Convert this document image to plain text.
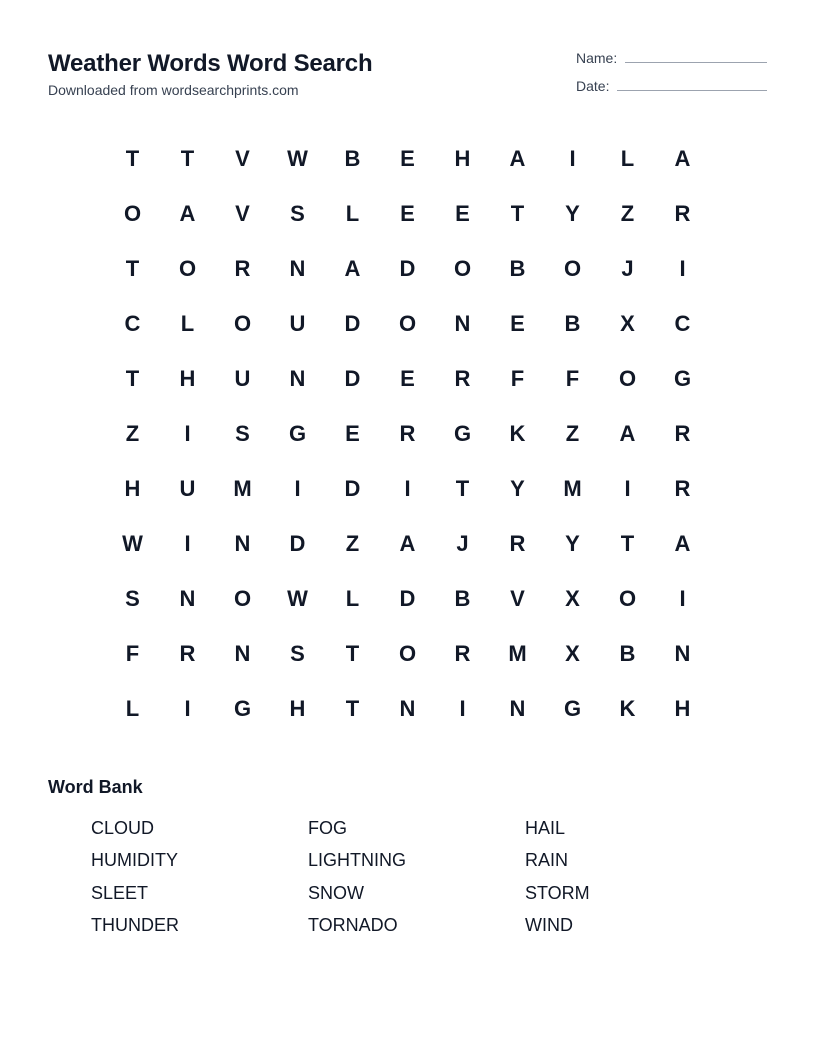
Weather Words Word Search

Downloaded from wordsearchprints.com

Name:
Date:
T	T	V	W	B	E	H	A	I	L	A
O	A	V	S	L	E	E	T	Y	Z	R
T	O	R	N	A	D	O	B	O	J	I
C	L	O	U	D	O	N	E	B	X	C
T	H	U	N	D	E	R	F	F	O	G
Z	I	S	G	E	R	G	K	Z	A	R
H	U	M	I	D	I	T	Y	M	I	R
W	I	N	D	Z	A	J	R	Y	T	A
S	N	O	W	L	D	B	V	X	O	I
F	R	N	S	T	O	R	M	X	B	N
L	I	G	H	T	N	I	N	G	K	H
Word Bank
CLOUD	FOG	HAIL
HUMIDITY	LIGHTNING	RAIN
SLEET	SNOW	STORM
THUNDER	TORNADO	WIND
